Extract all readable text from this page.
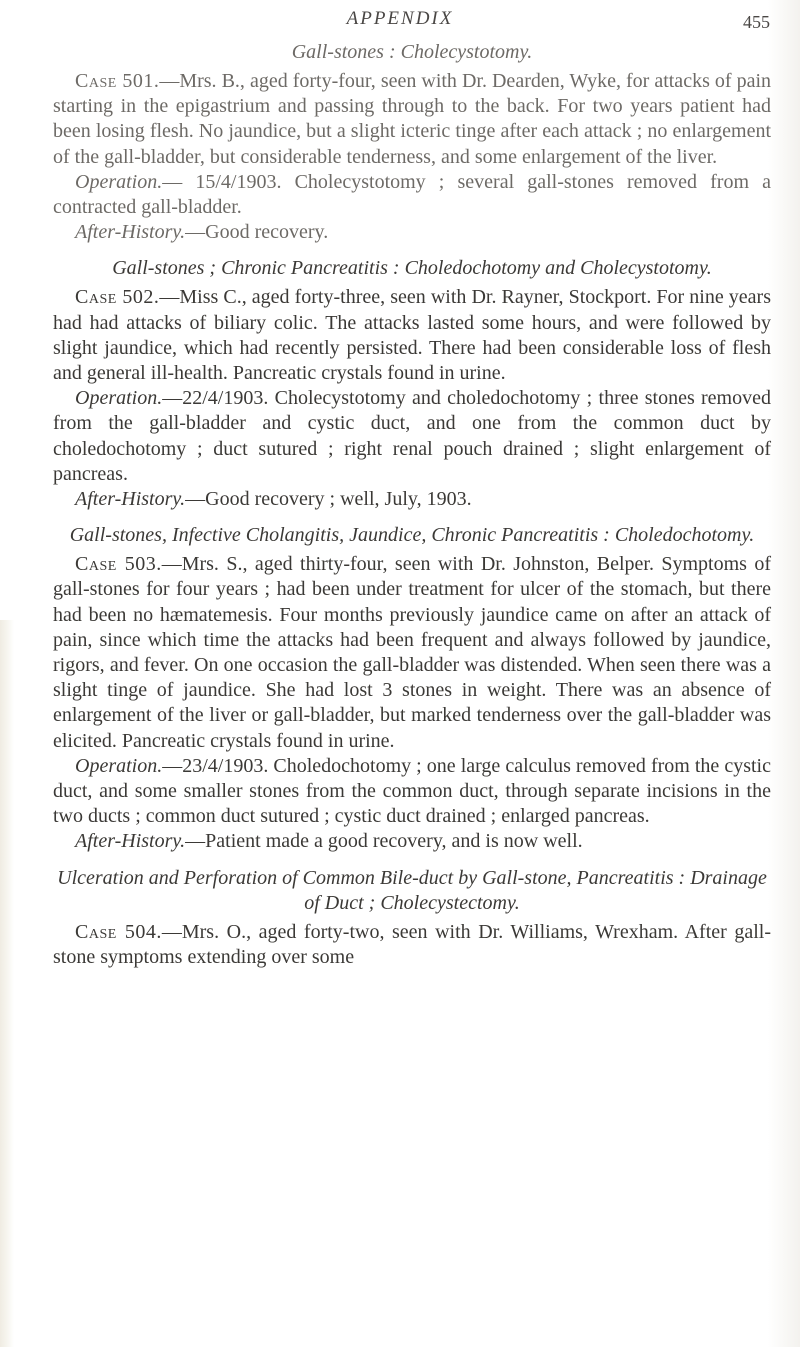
APPENDIX	455
Gall-stones : Cholecystotomy.

Case 501.—Mrs. B., aged forty-four, seen with Dr. Dearden, Wyke, for attacks of pain starting in the epigastrium and passing through to the back. For two years patient had been losing flesh. No jaundice, but a slight icteric tinge after each attack ; no enlargement of the gall-bladder, but considerable tenderness, and some enlargement of the liver.

Operation.— 15/4/1903. Cholecystotomy ; several gall-stones removed from a contracted gall-bladder.

After-History.—Good recovery.

Gall-stones ; Chronic Pancreatitis : Choledochotomy and Cholecystotomy.

Case 502.—Miss C., aged forty-three, seen with Dr. Rayner, Stockport. For nine years had had attacks of biliary colic. The attacks lasted some hours, and were followed by slight jaundice, which had recently persisted. There had been considerable loss of flesh and general ill-health. Pancreatic crystals found in urine.

Operation.—22/4/1903. Cholecystotomy and choledochotomy ; three stones removed from the gall-bladder and cystic duct, and one from the common duct by choledochotomy ; duct sutured ; right renal pouch drained ; slight enlargement of pancreas.

After-History.—Good recovery ; well, July, 1903.

Gall-stones, Infective Cholangitis, Jaundice, Chronic Pancreatitis : Choledochotomy.

Case 503.—Mrs. S., aged thirty-four, seen with Dr. Johnston, Belper. Symptoms of gall-stones for four years ; had been under treatment for ulcer of the stomach, but there had been no hæmatemesis. Four months previously jaundice came on after an attack of pain, since which time the attacks had been frequent and always followed by jaundice, rigors, and fever. On one occasion the gall-bladder was distended. When seen there was a slight tinge of jaundice. She had lost 3 stones in weight. There was an absence of enlargement of the liver or gall-bladder, but marked tenderness over the gall-bladder was elicited. Pancreatic crystals found in urine.

Operation.—23/4/1903. Choledochotomy ; one large calculus removed from the cystic duct, and some smaller stones from the common duct, through separate incisions in the two ducts ; common duct sutured ; cystic duct drained ; enlarged pancreas.

After-History.—Patient made a good recovery, and is now well.

Ulceration and Perforation of Common Bile-duct by Gall-stone, Pancreatitis : Drainage of Duct ; Cholecystectomy.

Case 504.—Mrs. O., aged forty-two, seen with Dr. Williams, Wrexham. After gall-stone symptoms extending over some
